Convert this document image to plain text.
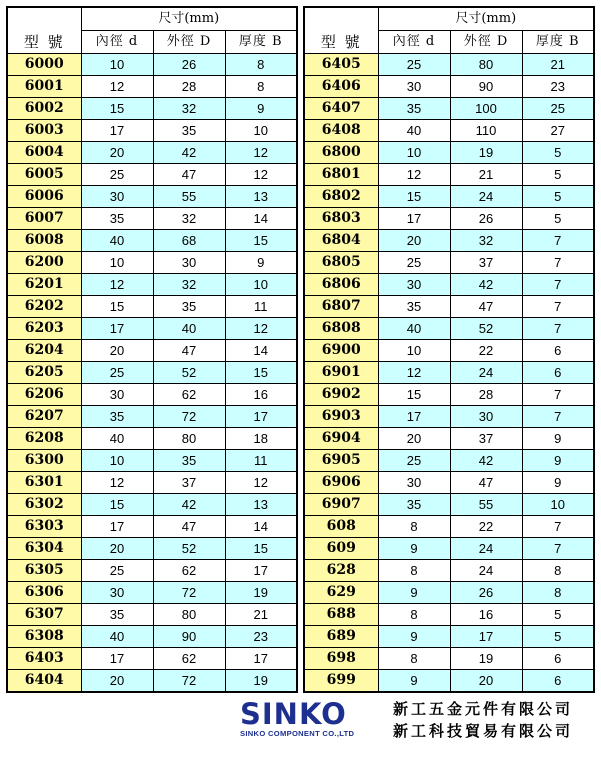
型 號	尺寸(mm)		
	內徑 d	外徑 D	厚度 B
6000	10	26	8
6001	12	28	8
6002	15	32	9
6003	17	35	10
6004	20	42	12
6005	25	47	12
6006	30	55	13
6007	35	32	14
6008	40	68	15
6200	10	30	9
6201	12	32	10
6202	15	35	11
6203	17	40	12
6204	20	47	14
6205	25	52	15
6206	30	62	16
6207	35	72	17
6208	40	80	18
6300	10	35	11
6301	12	37	12
6302	15	42	13
6303	17	47	14
6304	20	52	15
6305	25	62	17
6306	30	72	19
6307	35	80	21
6308	40	90	23
6403	17	62	17
6404	20	72	19
型 號	尺寸(mm)		
	內徑 d	外徑 D	厚度 B
6405	25	80	21
6406	30	90	23
6407	35	100	25
6408	40	110	27
6800	10	19	5
6801	12	21	5
6802	15	24	5
6803	17	26	5
6804	20	32	7
6805	25	37	7
6806	30	42	7
6807	35	47	7
6808	40	52	7
6900	10	22	6
6901	12	24	6
6902	15	28	7
6903	17	30	7
6904	20	37	9
6905	25	42	9
6906	30	47	9
6907	35	55	10
608	8	22	7
609	9	24	7
628	8	24	8
629	9	26	8
688	8	16	5
689	9	17	5
698	8	19	6
699	9	20	6
SINKO
SINKO COMPONENT CO.,LTD
新工五金元件有限公司
新工科技貿易有限公司
